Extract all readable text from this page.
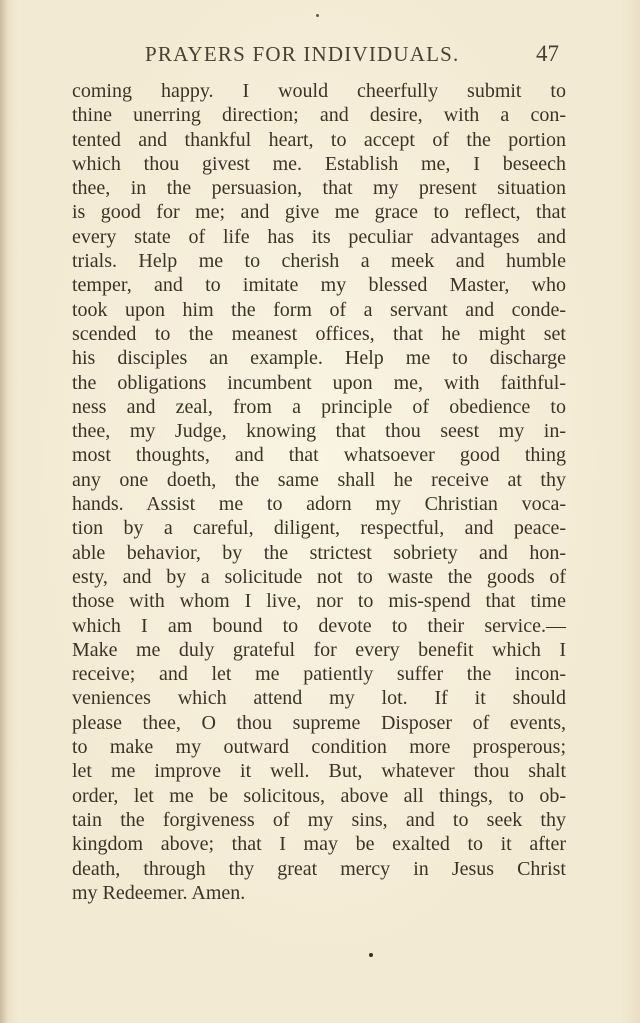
PRAYERS FOR INDIVIDUALS.	47
coming happy. I would cheerfully submit to
thine unerring direction; and desire, with a con-
tented and thankful heart, to accept of the portion
which thou givest me. Establish me, I beseech
thee, in the persuasion, that my present situation
is good for me; and give me grace to reflect, that
every state of life has its peculiar advantages and
trials. Help me to cherish a meek and humble
temper, and to imitate my blessed Master, who
took upon him the form of a servant and conde-
scended to the meanest offices, that he might set
his disciples an example. Help me to discharge
the obligations incumbent upon me, with faithful-
ness and zeal, from a principle of obedience to
thee, my Judge, knowing that thou seest my in-
most thoughts, and that whatsoever good thing
any one doeth, the same shall he receive at thy
hands. Assist me to adorn my Christian voca-
tion by a careful, diligent, respectful, and peace-
able behavior, by the strictest sobriety and hon-
esty, and by a solicitude not to waste the goods of
those with whom I live, nor to mis-spend that time
which I am bound to devote to their service.—
Make me duly grateful for every benefit which I
receive; and let me patiently suffer the incon-
veniences which attend my lot. If it should
please thee, O thou supreme Disposer of events,
to make my outward condition more prosperous;
let me improve it well. But, whatever thou shalt
order, let me be solicitous, above all things, to ob-
tain the forgiveness of my sins, and to seek thy
kingdom above; that I may be exalted to it after
death, through thy great mercy in Jesus Christ
my Redeemer. Amen.
